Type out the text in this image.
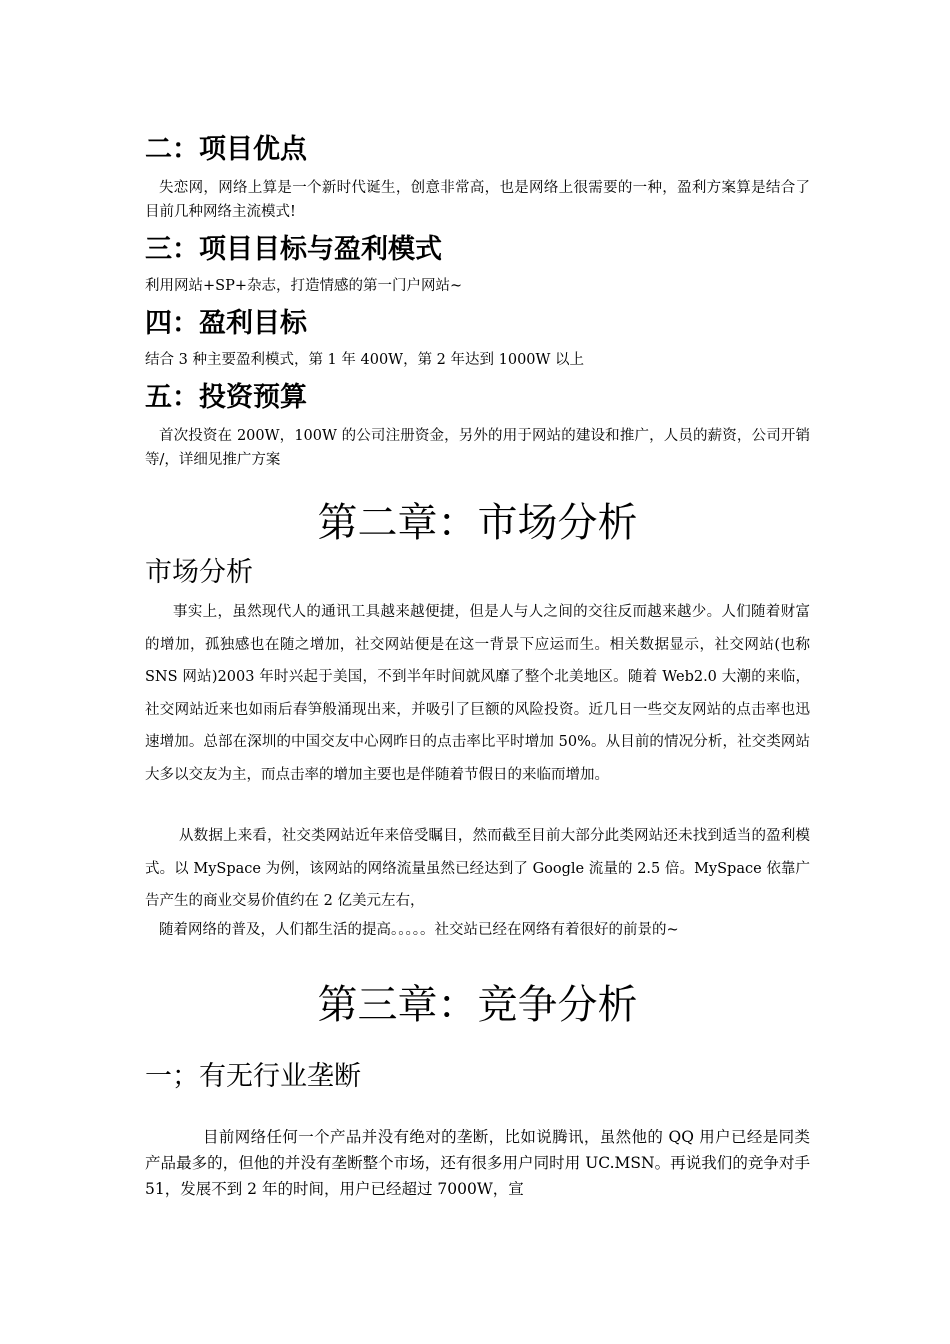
二：项目优点

失恋网，网络上算是一个新时代诞生，创意非常高，也是网络上很需要的一种，盈利方案算是结合了目前几种网络主流模式!

三：项目目标与盈利模式

利用网站+SP+杂志，打造情感的第一门户网站~

四：盈利目标

结合 3 种主要盈利模式，第 1 年 400W，第 2 年达到 1000W 以上

五：投资预算

首次投资在 200W，100W 的公司注册资金，另外的用于网站的建设和推广，人员的薪资，公司开销等/，详细见推广方案

第二章：市场分析
市场分析

事实上，虽然现代人的通讯工具越来越便捷，但是人与人之间的交往反而越来越少。人们随着财富的增加，孤独感也在随之增加，社交网站便是在这一背景下应运而生。相关数据显示，社交网站(也称 SNS 网站)2003 年时兴起于美国，不到半年时间就风靡了整个北美地区。随着 Web2.0 大潮的来临，社交网站近来也如雨后春笋般涌现出来，并吸引了巨额的风险投资。近几日一些交友网站的点击率也迅速增加。总部在深圳的中国交友中心网昨日的点击率比平时增加 50%。从目前的情况分析，社交类网站大多以交友为主，而点击率的增加主要也是伴随着节假日的来临而增加。

从数据上来看，社交类网站近年来倍受瞩目，然而截至目前大部分此类网站还未找到适当的盈利模式。以 MySpace 为例，该网站的网络流量虽然已经达到了 Google 流量的 2.5 倍。MySpace 依靠广告产生的商业交易价值约在 2 亿美元左右，

随着网络的普及，人们都生活的提高。。。。。社交站已经在网络有着很好的前景的~

第三章：竞争分析
一；有无行业垄断

目前网络任何一个产品并没有绝对的垄断，比如说腾讯，虽然他的 QQ 用户已经是同类产品最多的，但他的并没有垄断整个市场，还有很多用户同时用 UC.MSN。再说我们的竞争对手 51，发展不到 2 年的时间，用户已经超过 7000W，宣
